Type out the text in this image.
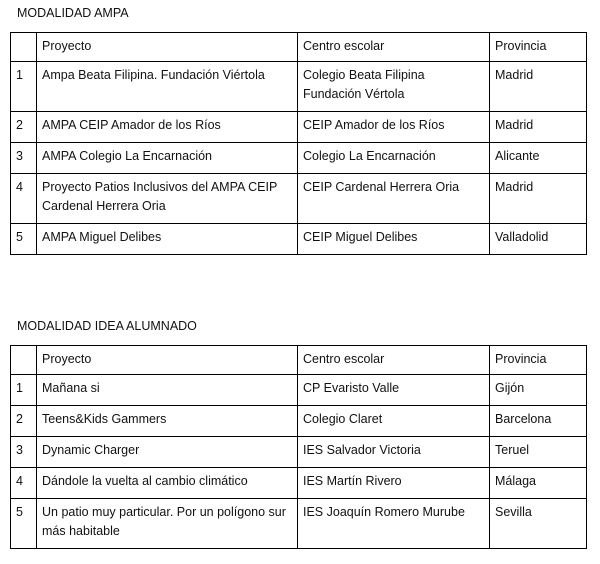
MODALIDAD AMPA
	Proyecto	Centro escolar	Provincia
1	Ampa Beata Filipina. Fundación Viértola	Colegio Beata Filipina Fundación Vértola	Madrid
2	AMPA CEIP Amador de los Ríos	CEIP Amador de los Ríos	Madrid
3	AMPA Colegio La Encarnación	Colegio La Encarnación	Alicante
4	Proyecto Patios Inclusivos del AMPA CEIP Cardenal Herrera Oria	CEIP Cardenal Herrera Oria	Madrid
5	AMPA Miguel Delibes	CEIP Miguel Delibes	Valladolid
MODALIDAD IDEA ALUMNADO
	Proyecto	Centro escolar	Provincia
1	Mañana si	CP Evaristo Valle	Gijón
2	Teens&Kids Gammers	Colegio Claret	Barcelona
3	Dynamic Charger	IES Salvador Victoria	Teruel
4	Dándole la vuelta al cambio climático	IES Martín Rivero	Málaga
5	Un patio muy particular. Por un polígono sur más habitable	IES Joaquín Romero Murube	Sevilla
